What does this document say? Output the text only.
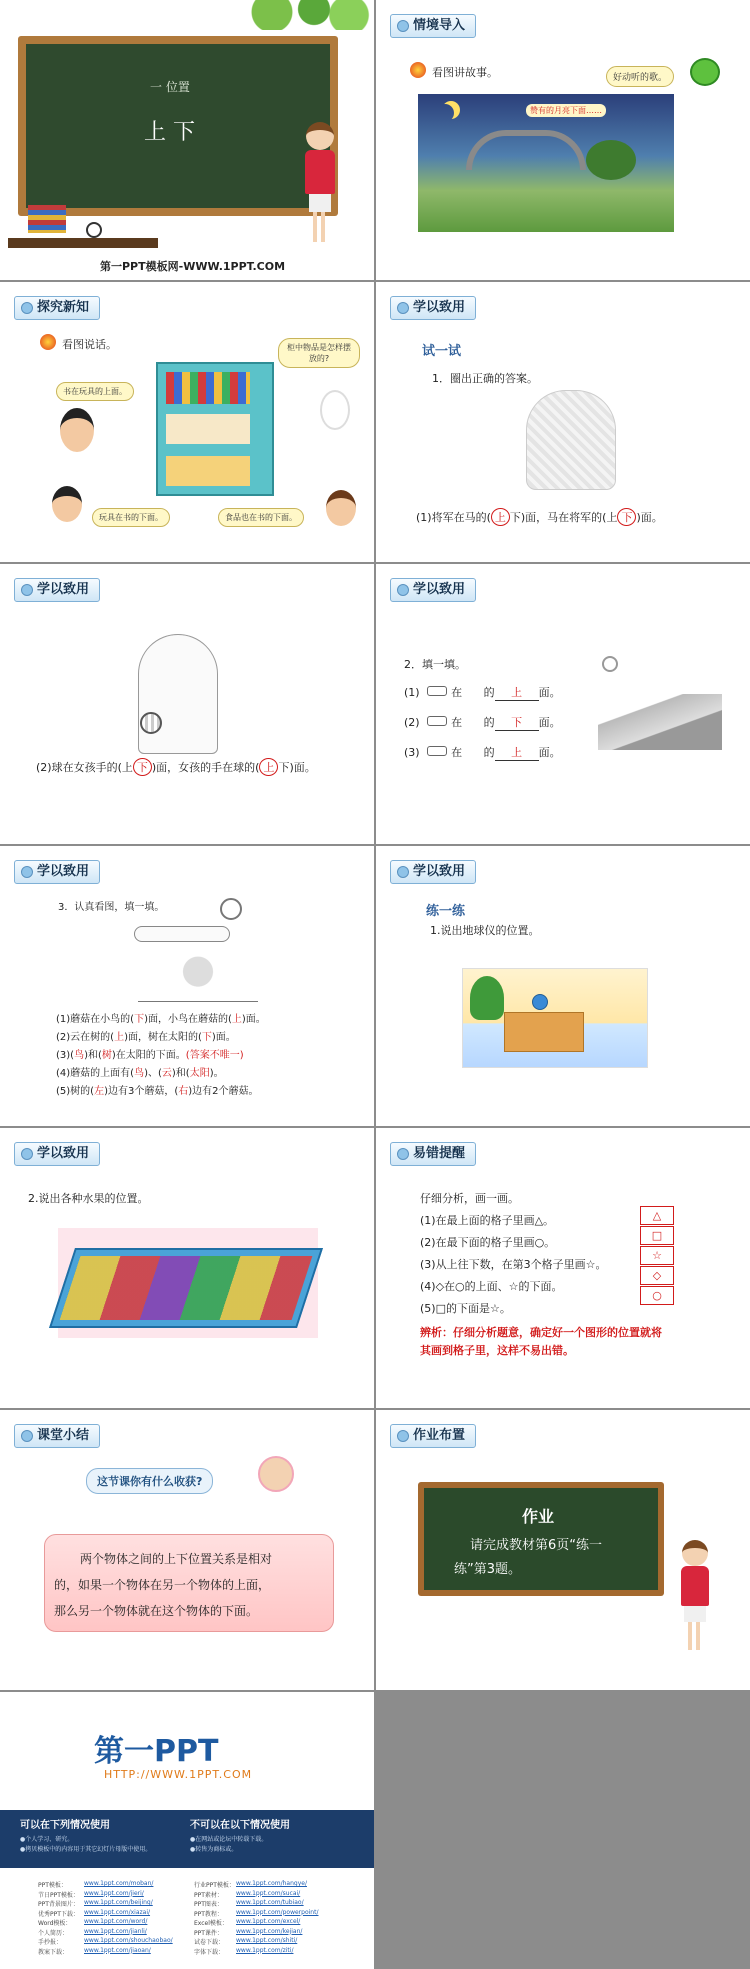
一 位置
上 下
第一PPT模板网-WWW.1PPT.COM
情境导入
看图讲故事。	好动听的歌。
赞有的月亮下面……
探究新知
看图说话。
书在玩具的上面。
柜中物品是怎样摆放的?
玩具在书的下面。	食品也在书的下面。
学以致用
试一试
1．圈出正确的答案。
(1)将军在马的( 上 下)面，马在将军的(上 下 )面。
学以致用
(2)球在女孩手的(上 下 )面，女孩的手在球的( 上 下)面。
学以致用
2．填一填。
(1)	在 的 上 面。
(2)	在 的 下 面。
(3)	在 的 上 面。
学以致用
3．认真看图，填一填。
(1)蘑菇在小鸟的(下)面，小鸟在蘑菇的(上)面。
(2)云在树的(上)面，树在太阳的(下)面。
(3)(鸟)和(树)在太阳的下面。(答案不唯一)
(4)蘑菇的上面有(鸟)、(云)和(太阳)。
(5)树的(左)边有3个蘑菇，(右)边有2个蘑菇。
学以致用
练一练
1.说出地球仪的位置。
学以致用
2.说出各种水果的位置。
易错提醒
仔细分析，画一画。
(1)在最上面的格子里画△。
(2)在最下面的格子里画○。
(3)从上往下数，在第3个格子里画☆。
(4)◇在○的上面、☆的下面。
(5)□的下面是☆。
△
□
☆
◇
○
辨析：仔细分析题意，确定好一个图形的位置就将
其画到格子里，这样不易出错。
课堂小结
这节课你有什么收获?
两个物体之间的上下位置关系是相对
的，如果一个物体在另一个物体的上面，
那么另一个物体就在这个物体的下面。
作业布置
作业
请完成教材第6页“练一
练”第3题。
第一PPT
HTTP://WWW.1PPT.COM
可以在下列情况使用
●个人学习、研究。
●拷贝模板中的内容用于其它幻灯片母版中使用。
不可以在以下情况使用
●在网站或论坛中转载下载。
●转售为商标或。
PPT模板：	www.1ppt.com/moban/	行业PPT模板： www.1ppt.com/hangye/
节日PPT模板： www.1ppt.com/jieri/	PPT素材： www.1ppt.com/sucai/
PPT背景图片： www.1ppt.com/beijing/	PPT图表： www.1ppt.com/tubiao/
优秀PPT下载： www.1ppt.com/xiazai/	PPT教程： www.1ppt.com/powerpoint/
Word模板： www.1ppt.com/word/	Excel模板： www.1ppt.com/excel/
个人简历：	www.1ppt.com/jianli/	PPT课件： www.1ppt.com/kejian/
手抄报：	www.1ppt.com/shouchaobao/	试卷下载： www.1ppt.com/shiti/
教案下载：	www.1ppt.com/jiaoan/	字体下载： www.1ppt.com/ziti/
